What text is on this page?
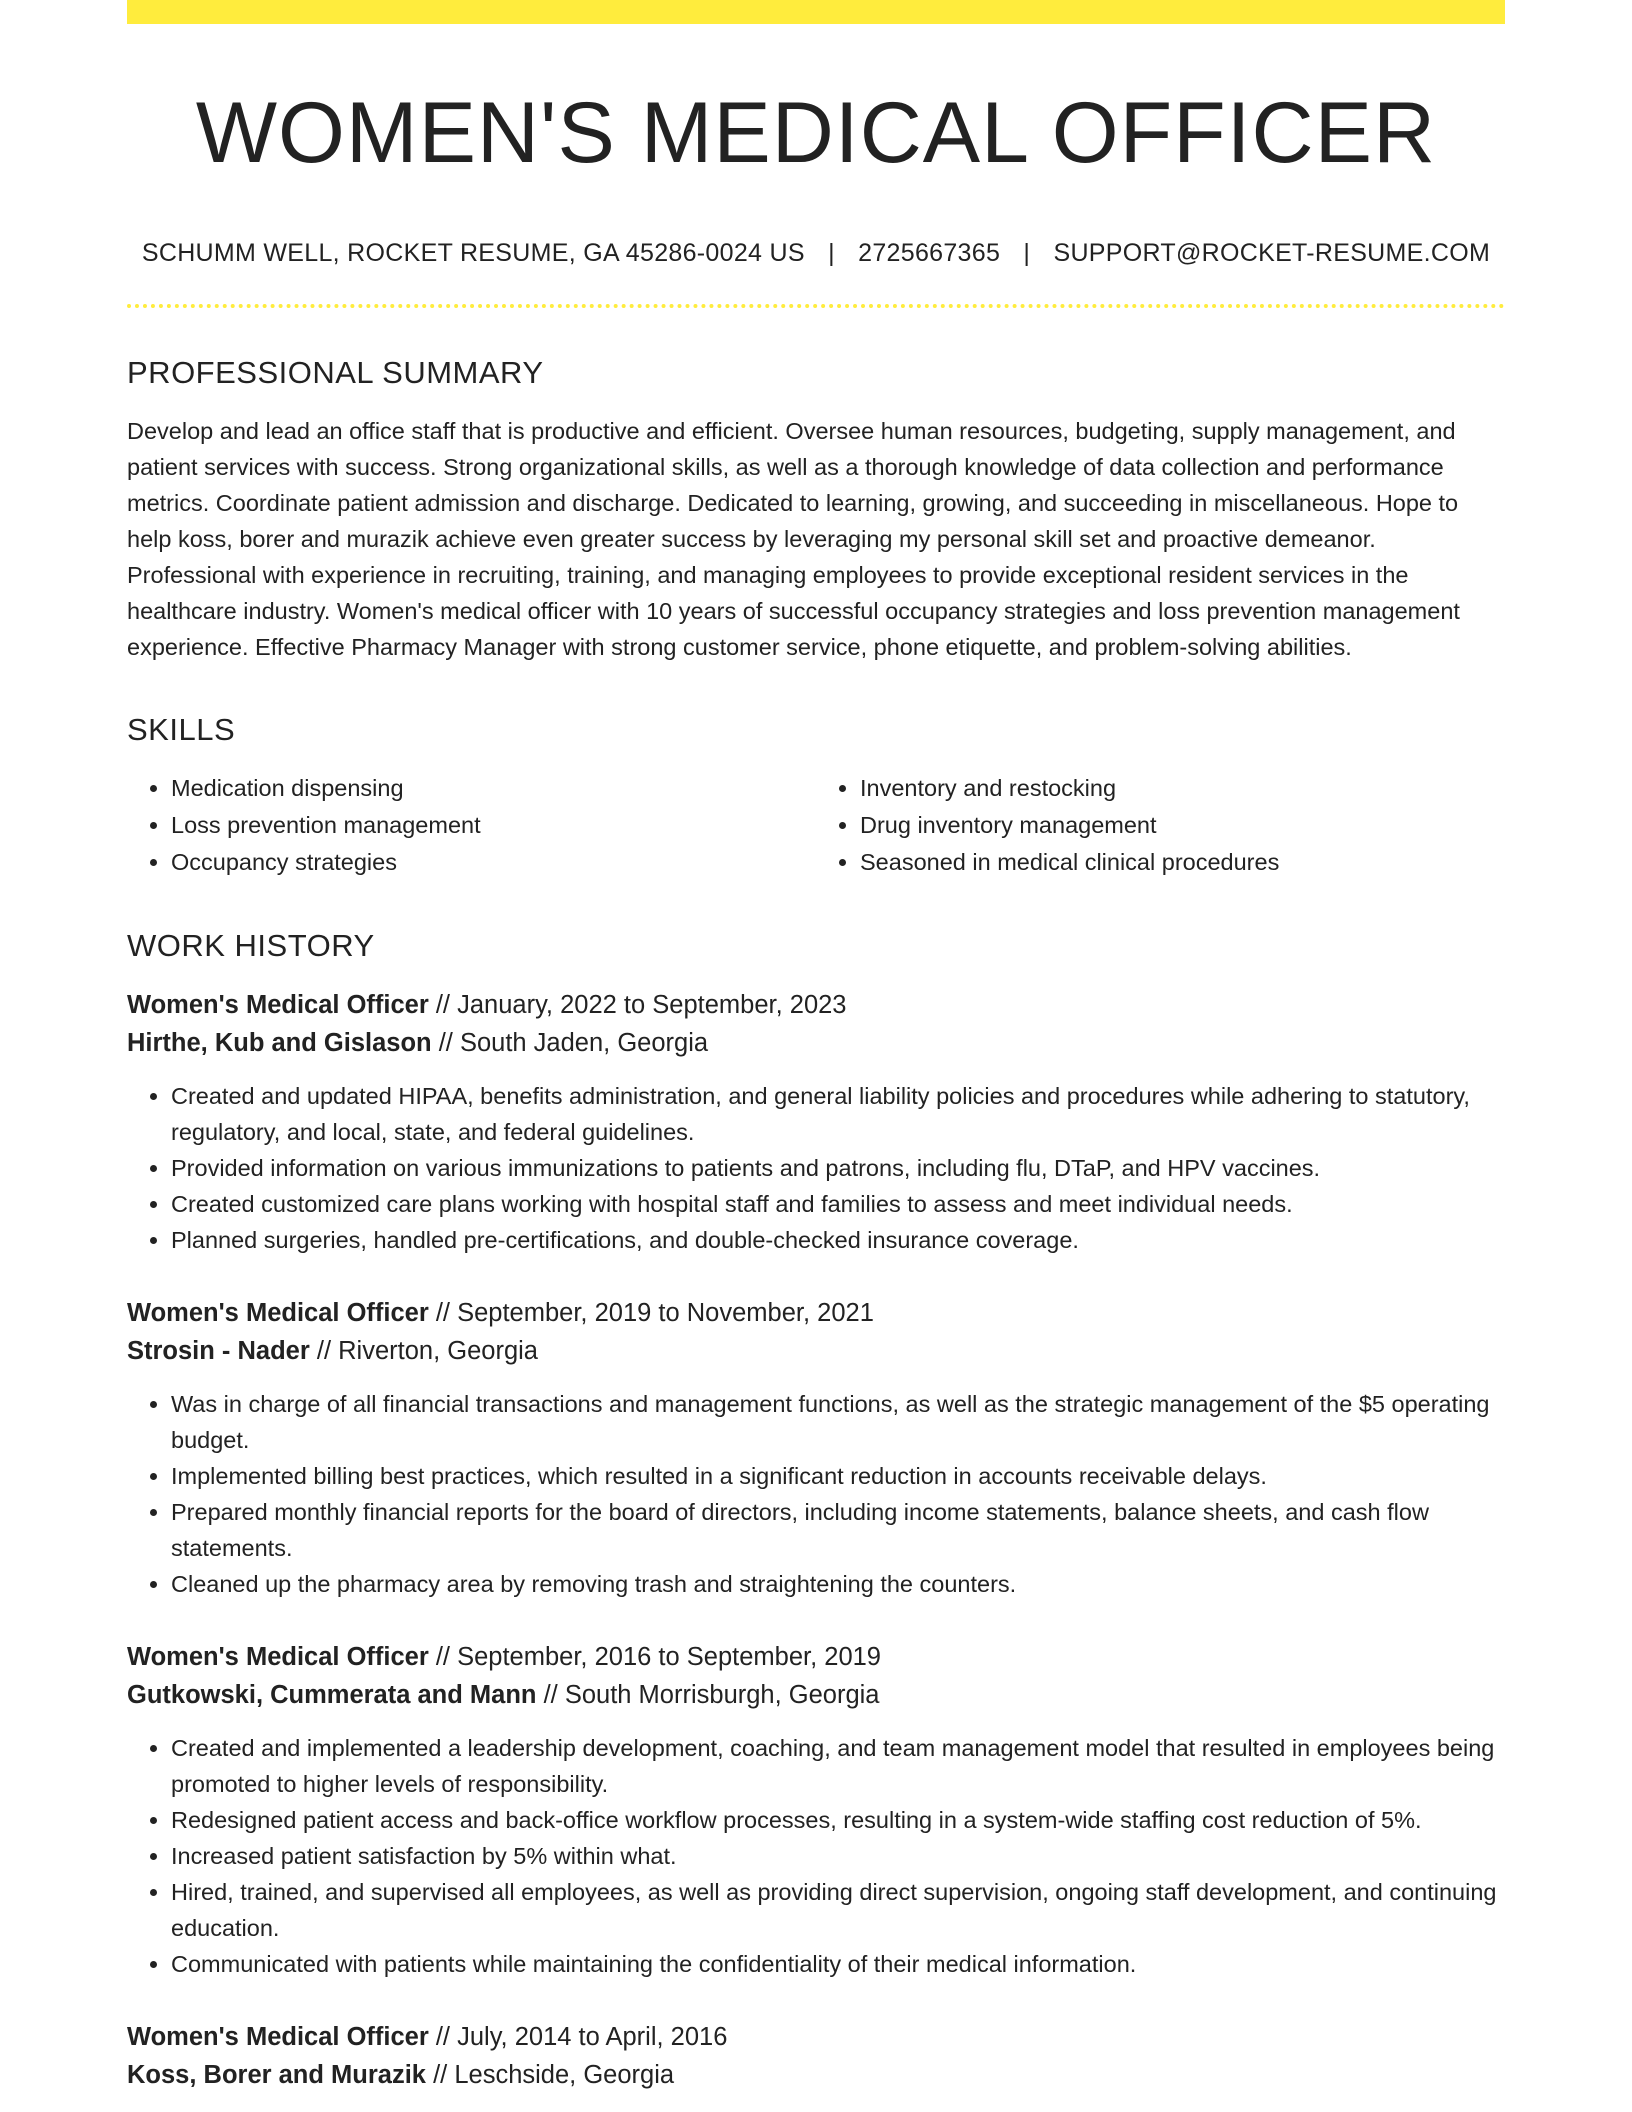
WOMEN'S MEDICAL OFFICER
SCHUMM WELL, ROCKET RESUME, GA 45286-0024 US | 2725667365 | SUPPORT@ROCKET-RESUME.COM
PROFESSIONAL SUMMARY
Develop and lead an office staff that is productive and efficient. Oversee human resources, budgeting, supply management, and patient services with success. Strong organizational skills, as well as a thorough knowledge of data collection and performance metrics. Coordinate patient admission and discharge. Dedicated to learning, growing, and succeeding in miscellaneous. Hope to help koss, borer and murazik achieve even greater success by leveraging my personal skill set and proactive demeanor. Professional with experience in recruiting, training, and managing employees to provide exceptional resident services in the healthcare industry. Women's medical officer with 10 years of successful occupancy strategies and loss prevention management experience. Effective Pharmacy Manager with strong customer service, phone etiquette, and problem-solving abilities.
SKILLS
• Medication dispensing
• Loss prevention management
• Occupancy strategies
• Inventory and restocking
• Drug inventory management
• Seasoned in medical clinical procedures
WORK HISTORY
Women's Medical Officer // January, 2022 to September, 2023
Hirthe, Kub and Gislason // South Jaden, Georgia
• Created and updated HIPAA, benefits administration, and general liability policies and procedures while adhering to statutory, regulatory, and local, state, and federal guidelines.
• Provided information on various immunizations to patients and patrons, including flu, DTaP, and HPV vaccines.
• Created customized care plans working with hospital staff and families to assess and meet individual needs.
• Planned surgeries, handled pre-certifications, and double-checked insurance coverage.
Women's Medical Officer // September, 2019 to November, 2021
Strosin - Nader // Riverton, Georgia
• Was in charge of all financial transactions and management functions, as well as the strategic management of the $5 operating budget.
• Implemented billing best practices, which resulted in a significant reduction in accounts receivable delays.
• Prepared monthly financial reports for the board of directors, including income statements, balance sheets, and cash flow statements.
• Cleaned up the pharmacy area by removing trash and straightening the counters.
Women's Medical Officer // September, 2016 to September, 2019
Gutkowski, Cummerata and Mann // South Morrisburgh, Georgia
• Created and implemented a leadership development, coaching, and team management model that resulted in employees being promoted to higher levels of responsibility.
• Redesigned patient access and back-office workflow processes, resulting in a system-wide staffing cost reduction of 5%.
• Increased patient satisfaction by 5% within what.
• Hired, trained, and supervised all employees, as well as providing direct supervision, ongoing staff development, and continuing education.
• Communicated with patients while maintaining the confidentiality of their medical information.
Women's Medical Officer // July, 2014 to April, 2016
Koss, Borer and Murazik // Leschside, Georgia
